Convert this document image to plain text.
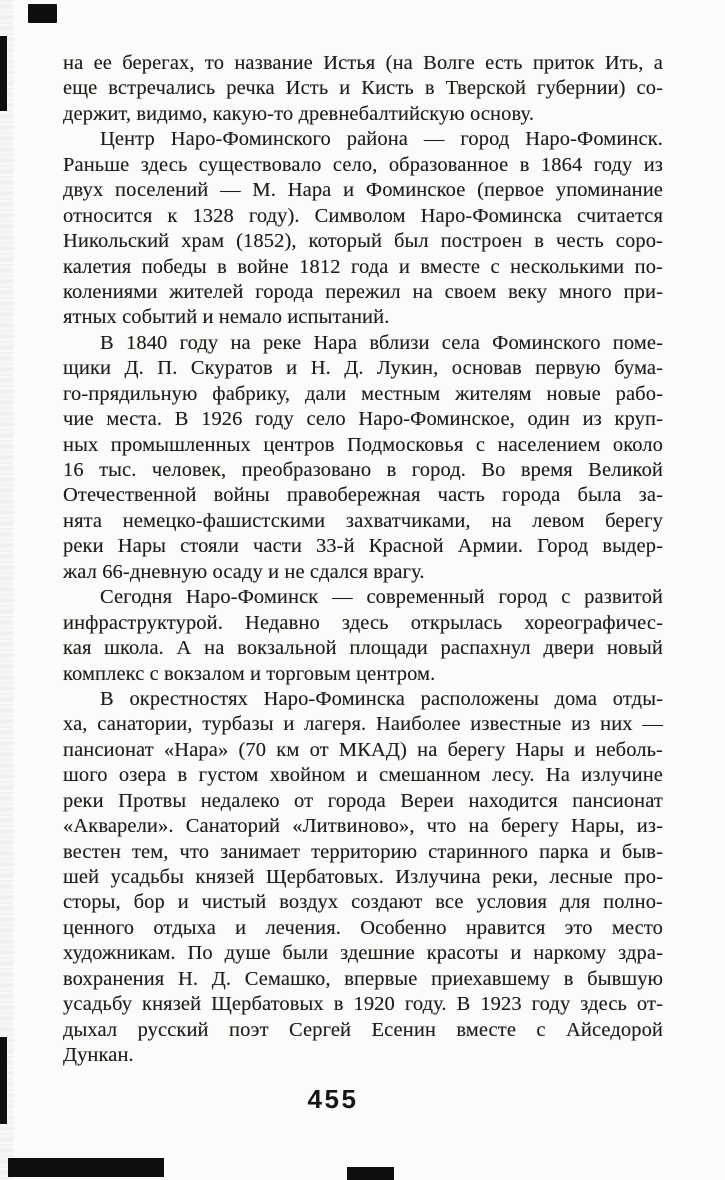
на ее берегах, то название Истья (на Волге есть приток Ить, а
еще встречались речка Исть и Кисть в Тверской губернии) со-
держит, видимо, какую-то древнебалтийскую основу.
Центр Наро-Фоминского района — город Наро-Фоминск.
Раньше здесь существовало село, образованное в 1864 году из
двух поселений — М. Нара и Фоминское (первое упоминание
относится к 1328 году). Символом Наро-Фоминска считается
Никольский храм (1852), который был построен в честь соро-
калетия победы в войне 1812 года и вместе с несколькими по-
колениями жителей города пережил на своем веку много при-
ятных событий и немало испытаний.
В 1840 году на реке Нара вблизи села Фоминского поме-
щики Д. П. Скуратов и Н. Д. Лукин, основав первую бума-
го-прядильную фабрику, дали местным жителям новые рабо-
чие места. В 1926 году село Наро-Фоминское, один из круп-
ных промышленных центров Подмосковья с населением около
16 тыс. человек, преобразовано в город. Во время Великой
Отечественной войны правобережная часть города была за-
нята немецко-фашистскими захватчиками, на левом берегу
реки Нары стояли части 33-й Красной Армии. Город выдер-
жал 66-дневную осаду и не сдался врагу.
Сегодня Наро-Фоминск — современный город с развитой
инфраструктурой. Недавно здесь открылась хореографичес-
кая школа. А на вокзальной площади распахнул двери новый
комплекс с вокзалом и торговым центром.
В окрестностях Наро-Фоминска расположены дома отды-
ха, санатории, турбазы и лагеря. Наиболее известные из них —
пансионат «Нара» (70 км от МКАД) на берегу Нары и неболь-
шого озера в густом хвойном и смешанном лесу. На излучине
реки Протвы недалеко от города Вереи находится пансионат
«Акварели». Санаторий «Литвиново», что на берегу Нары, из-
вестен тем, что занимает территорию старинного парка и быв-
шей усадьбы князей Щербатовых. Излучина реки, лесные про-
сторы, бор и чистый воздух создают все условия для полно-
ценного отдыха и лечения. Особенно нравится это место
художникам. По душе были здешние красоты и наркому здра-
вохранения Н. Д. Семашко, впервые приехавшему в бывшую
усадьбу князей Щербатовых в 1920 году. В 1923 году здесь от-
дыхал русский поэт Сергей Есенин вместе с Айседорой
Дункан.
455
